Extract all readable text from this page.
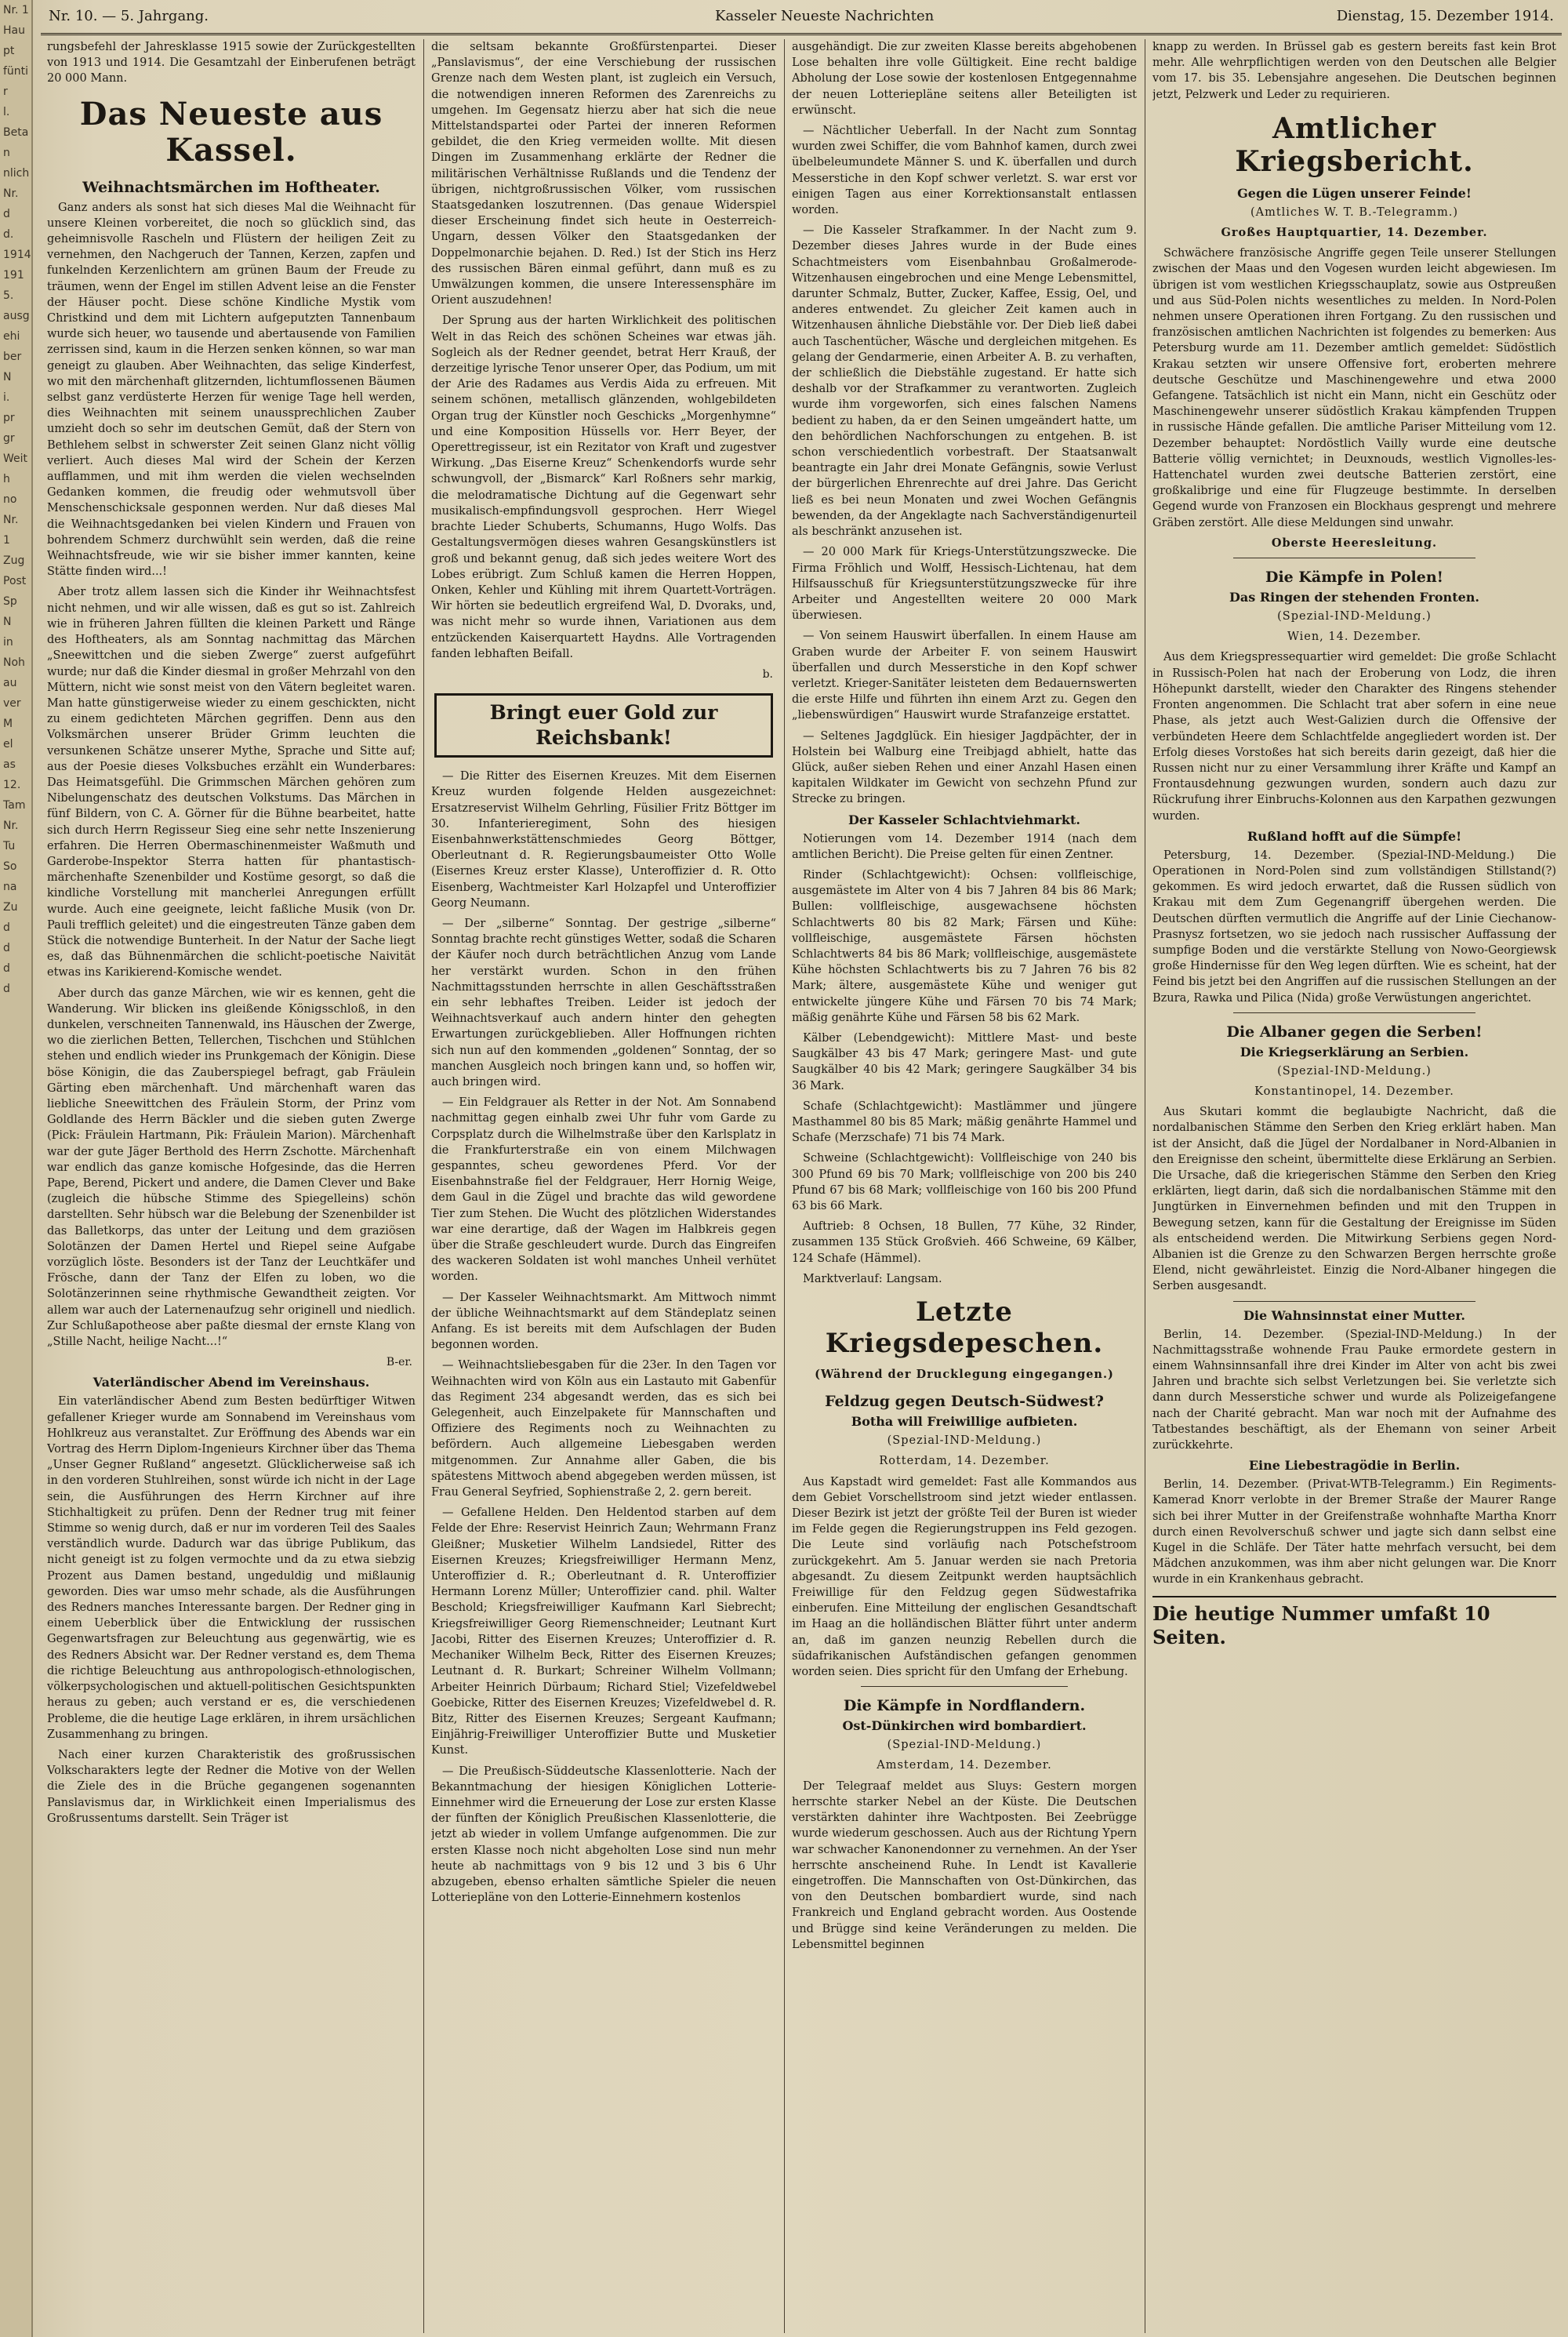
Nr. 1
Haupt
füntir
l.
Betan
nlich
Nr.
d
d.
1914
1915.
ausgehi
ber
N
i.
pr
gr
Weith
no
Nr.
1
Zug
Post
Sp
N
in
Noh
au
ver
M
el
as
12.
Tam
Nr.
Tu
So
na
Zu
d
d
d
d
Nr. 10. — 5. Jahrgang.	Kasseler Neueste Nachrichten	Dienstag, 15. Dezember 1914.

rungsbefehl der Jahresklasse 1915 sowie der Zurückgestellten von 1913 und 1914. Die Gesamtzahl der Einberufenen beträgt 20 000 Mann.

Das Neueste aus Kassel.
Weihnachtsmärchen im Hoftheater.

Ganz anders als sonst hat sich dieses Mal die Weihnacht für unsere Kleinen vorbereitet, die noch so glücklich sind, das geheimnisvolle Rascheln und Flüstern der heiligen Zeit zu vernehmen, den Nachgeruch der Tannen, Kerzen, zapfen und funkelnden Kerzenlichtern am grünen Baum der Freude zu träumen, wenn der Engel im stillen Advent leise an die Fenster der Häuser pocht. Diese schöne Kindliche Mystik vom Christkind und dem mit Lichtern aufgeputzten Tannenbaum wurde sich heuer, wo tausende und abertausende von Familien zerrissen sind, kaum in die Herzen senken können, so war man geneigt zu glauben. Aber Weihnachten, das selige Kinderfest, wo mit den märchenhaft glitzernden, lichtumflossenen Bäumen selbst ganz verdüsterte Herzen für wenige Tage hell werden, dies Weihnachten mit seinem unaussprechlichen Zauber umzieht doch so sehr im deutschen Gemüt, daß der Stern von Bethlehem selbst in schwerster Zeit seinen Glanz nicht völlig verliert. Auch dieses Mal wird der Schein der Kerzen aufflammen, und mit ihm werden die vielen wechselnden Gedanken kommen, die freudig oder wehmutsvoll über Menschenschicksale gesponnen werden. Nur daß dieses Mal die Weihnachtsgedanken bei vielen Kindern und Frauen von bohrendem Schmerz durchwühlt sein werden, daß die reine Weihnachtsfreude, wie wir sie bisher immer kannten, keine Stätte finden wird...!

Aber trotz allem lassen sich die Kinder ihr Weihnachtsfest nicht nehmen, und wir alle wissen, daß es gut so ist. Zahlreich wie in früheren Jahren füllten die kleinen Parkett und Ränge des Hoftheaters, als am Sonntag nachmittag das Märchen „Sneewittchen und die sieben Zwerge“ zuerst aufgeführt wurde; nur daß die Kinder diesmal in großer Mehrzahl von den Müttern, nicht wie sonst meist von den Vätern begleitet waren. Man hatte günstigerweise wieder zu einem geschickten, nicht zu einem gedichteten Märchen gegriffen. Denn aus den Volksmärchen unserer Brüder Grimm leuchten die versunkenen Schätze unserer Mythe, Sprache und Sitte auf; aus der Poesie dieses Volksbuches erzählt ein Wunderbares: Das Heimatsgefühl. Die Grimmschen Märchen gehören zum Nibelungenschatz des deutschen Volkstums. Das Märchen in fünf Bildern, von C. A. Görner für die Bühne bearbeitet, hatte sich durch Herrn Regisseur Sieg eine sehr nette Inszenierung erfahren. Die Herren Obermaschinenmeister Waßmuth und Garderobe-Inspektor Sterra hatten für phantastisch-märchenhafte Szenenbilder und Kostüme gesorgt, so daß die kindliche Vorstellung mit mancherlei Anregungen erfüllt wurde. Auch eine geeignete, leicht faßliche Musik (von Dr. Pauli trefflich geleitet) und die eingestreuten Tänze gaben dem Stück die notwendige Bunterheit. In der Natur der Sache liegt es, daß das Bühnenmärchen die schlicht-poetische Naivität etwas ins Karikierend-Komische wendet.

Aber durch das ganze Märchen, wie wir es kennen, geht die Wanderung. Wir blicken ins gleißende Königsschloß, in den dunkelen, verschneiten Tannenwald, ins Häuschen der Zwerge, wo die zierlichen Betten, Tellerchen, Tischchen und Stühlchen stehen und endlich wieder ins Prunkgemach der Königin. Diese böse Königin, die das Zauberspiegel befragt, gab Fräulein Gärting eben märchenhaft. Und märchenhaft waren das liebliche Sneewittchen des Fräulein Storm, der Prinz vom Goldlande des Herrn Bäckler und die sieben guten Zwerge (Pick: Fräulein Hartmann, Pik: Fräulein Marion). Märchenhaft war der gute Jäger Berthold des Herrn Zschotte. Märchenhaft war endlich das ganze komische Hofgesinde, das die Herren Pape, Berend, Pickert und andere, die Damen Clever und Bake (zugleich die hübsche Stimme des Spiegelleins) schön darstellten. Sehr hübsch war die Belebung der Szenenbilder ist das Balletkorps, das unter der Leitung und dem graziösen Solotänzen der Damen Hertel und Riepel seine Aufgabe vorzüglich löste. Besonders ist der Tanz der Leuchtkäfer und Frösche, dann der Tanz der Elfen zu loben, wo die Solotänzerinnen seine rhythmische Gewandtheit zeigten. Vor allem war auch der Laternenaufzug sehr originell und niedlich. Zur Schlußapotheose aber paßte diesmal der ernste Klang von „Stille Nacht, heilige Nacht...!“

B-er.
Vaterländischer Abend im Vereinshaus.

Ein vaterländischer Abend zum Besten bedürftiger Witwen gefallener Krieger wurde am Sonnabend im Vereinshaus vom Hohlkreuz aus veranstaltet. Zur Eröffnung des Abends war ein Vortrag des Herrn Diplom-Ingenieurs Kirchner über das Thema „Unser Gegner Rußland“ angesetzt. Glücklicherweise saß ich in den vorderen Stuhlreihen, sonst würde ich nicht in der Lage sein, die Ausführungen des Herrn Kirchner auf ihre Stichhaltigkeit zu prüfen. Denn der Redner trug mit feiner Stimme so wenig durch, daß er nur im vorderen Teil des Saales verständlich wurde. Dadurch war das übrige Publikum, das nicht geneigt ist zu folgen vermochte und da zu etwa siebzig Prozent aus Damen bestand, ungeduldig und mißlaunig geworden. Dies war umso mehr schade, als die Ausführungen des Redners manches Interessante bargen. Der Redner ging in einem Ueberblick über die Entwicklung der russischen Gegenwartsfragen zur Beleuchtung aus gegenwärtig, wie es des Redners Absicht war. Der Redner verstand es, dem Thema die richtige Beleuchtung aus anthropologisch-ethnologischen, völkerpsychologischen und aktuell-politischen Gesichtspunkten heraus zu geben; auch verstand er es, die verschiedenen Probleme, die die heutige Lage erklären, in ihrem ursächlichen Zusammenhang zu bringen.

Nach einer kurzen Charakteristik des großrussischen Volkscharakters legte der Redner die Motive von der Wellen die Ziele des in die Brüche gegangenen sogenannten Panslavismus dar, in Wirklichkeit einen Imperialismus des Großrussentums darstellt. Sein Träger ist

die seltsam bekannte Großfürstenpartei. Dieser „Panslavismus“, der eine Verschiebung der russischen Grenze nach dem Westen plant, ist zugleich ein Versuch, die notwendigen inneren Reformen des Zarenreichs zu umgehen. Im Gegensatz hierzu aber hat sich die neue Mittelstandspartei oder Partei der inneren Reformen gebildet, die den Krieg vermeiden wollte. Mit diesen Dingen im Zusammenhang erklärte der Redner die militärischen Verhältnisse Rußlands und die Tendenz der übrigen, nichtgroßrussischen Völker, vom russischen Staatsgedanken loszutrennen. (Das genaue Widerspiel dieser Erscheinung findet sich heute in Oesterreich-Ungarn, dessen Völker den Staatsgedanken der Doppelmonarchie bejahen. D. Red.) Ist der Stich ins Herz des russischen Bären einmal geführt, dann muß es zu Umwälzungen kommen, die unsere Interessensphäre im Orient auszudehnen!

Der Sprung aus der harten Wirklichkeit des politischen Welt in das Reich des schönen Scheines war etwas jäh. Sogleich als der Redner geendet, betrat Herr Krauß, der derzeitige lyrische Tenor unserer Oper, das Podium, um mit der Arie des Radames aus Verdis Aida zu erfreuen. Mit seinem schönen, metallisch glänzenden, wohlgebildeten Organ trug der Künstler noch Geschicks „Morgenhymne“ und eine Komposition Hüssells vor. Herr Beyer, der Operettregisseur, ist ein Rezitator von Kraft und zugestver Wirkung. „Das Eiserne Kreuz“ Schenkendorfs wurde sehr schwungvoll, der „Bismarck“ Karl Roßners sehr markig, die melodramatische Dichtung auf die Gegenwart sehr musikalisch-empfindungsvoll gesprochen. Herr Wiegel brachte Lieder Schuberts, Schumanns, Hugo Wolfs. Das Gestaltungsvermögen dieses wahren Gesangskünstlers ist groß und bekannt genug, daß sich jedes weitere Wort des Lobes erübrigt. Zum Schluß kamen die Herren Hoppen, Onken, Kehler und Kühling mit ihrem Quartett-Vorträgen. Wir hörten sie bedeutlich ergreifend Wal, D. Dvoraks, und, was nicht mehr so wurde ihnen, Variationen aus dem entzückenden Kaiserquartett Haydns. Alle Vortragenden fanden lebhaften Beifall.

b.
Bringt euer Gold zur Reichsbank!

— Die Ritter des Eisernen Kreuzes. Mit dem Eisernen Kreuz wurden folgende Helden ausgezeichnet: Ersatzreservist Wilhelm Gehrling, Füsilier Fritz Böttger im 30. Infanterieregiment, Sohn des hiesigen Eisenbahnwerkstättenschmiedes Georg Böttger, Oberleutnant d. R. Regierungsbaumeister Otto Wolle (Eisernes Kreuz erster Klasse), Unteroffizier d. R. Otto Eisenberg, Wachtmeister Karl Holzapfel und Unteroffizier Georg Neumann.

— Der „silberne“ Sonntag. Der gestrige „silberne“ Sonntag brachte recht günstiges Wetter, sodaß die Scharen der Käufer noch durch beträchtlichen Anzug vom Lande her verstärkt wurden. Schon in den frühen Nachmittagsstunden herrschte in allen Geschäftsstraßen ein sehr lebhaftes Treiben. Leider ist jedoch der Weihnachtsverkauf auch andern hinter den gehegten Erwartungen zurückgeblieben. Aller Hoffnungen richten sich nun auf den kommenden „goldenen“ Sonntag, der so manchen Ausgleich noch bringen kann und, so hoffen wir, auch bringen wird.

— Ein Feldgrauer als Retter in der Not. Am Sonnabend nachmittag gegen einhalb zwei Uhr fuhr vom Garde zu Corpsplatz durch die Wilhelmstraße über den Karlsplatz in die Frankfurterstraße ein von einem Milchwagen gespanntes, scheu gewordenes Pferd. Vor der Eisenbahnstraße fiel der Feldgrauer, Herr Hornig Weige, dem Gaul in die Zügel und brachte das wild gewordene Tier zum Stehen. Die Wucht des plötzlichen Widerstandes war eine derartige, daß der Wagen im Halbkreis gegen über die Straße geschleudert wurde. Durch das Eingreifen des wackeren Soldaten ist wohl manches Unheil verhütet worden.

— Der Kasseler Weihnachtsmarkt. Am Mittwoch nimmt der übliche Weihnachtsmarkt auf dem Ständeplatz seinen Anfang. Es ist bereits mit dem Aufschlagen der Buden begonnen worden.

— Weihnachtsliebesgaben für die 23er. In den Tagen vor Weihnachten wird von Köln aus ein Lastauto mit Gabenfür das Regiment 234 abgesandt werden, das es sich bei Gelegenheit, auch Einzelpakete für Mannschaften und Offiziere des Regiments noch zu Weihnachten zu befördern. Auch allgemeine Liebesgaben werden mitgenommen. Zur Annahme aller Gaben, die bis spätestens Mittwoch abend abgegeben werden müssen, ist Frau General Seyfried, Sophienstraße 2, 2. gern bereit.

— Gefallene Helden. Den Heldentod starben auf dem Felde der Ehre: Reservist Heinrich Zaun; Wehrmann Franz Gleißner; Musketier Wilhelm Landsiedel, Ritter des Eisernen Kreuzes; Kriegsfreiwilliger Hermann Menz, Unteroffizier d. R.; Oberleutnant d. R. Unteroffizier Hermann Lorenz Müller; Unteroffizier cand. phil. Walter Beschold; Kriegsfreiwilliger Kaufmann Karl Siebrecht; Kriegsfreiwilliger Georg Riemenschneider; Leutnant Kurt Jacobi, Ritter des Eisernen Kreuzes; Unteroffizier d. R. Mechaniker Wilhelm Beck, Ritter des Eisernen Kreuzes; Leutnant d. R. Burkart; Schreiner Wilhelm Vollmann; Arbeiter Heinrich Dürbaum; Richard Stiel; Vizefeldwebel Goebicke, Ritter des Eisernen Kreuzes; Vizefeldwebel d. R. Bitz, Ritter des Eisernen Kreuzes; Sergeant Kaufmann; Einjährig-Freiwilliger Unteroffizier Butte und Musketier Kunst.

— Die Preußisch-Süddeutsche Klassenlotterie. Nach der Bekanntmachung der hiesigen Königlichen Lotterie-Einnehmer wird die Erneuerung der Lose zur ersten Klasse der fünften der Königlich Preußischen Klassenlotterie, die jetzt ab wieder in vollem Umfange aufgenommen. Die zur ersten Klasse noch nicht abgeholten Lose sind nun mehr heute ab nachmittags von 9 bis 12 und 3 bis 6 Uhr abzugeben, ebenso erhalten sämtliche Spieler die neuen Lotteriepläne von den Lotterie-Einnehmern kostenlos

ausgehändigt. Die zur zweiten Klasse bereits abgehobenen Lose behalten ihre volle Gültigkeit. Eine recht baldige Abholung der Lose sowie der kostenlosen Entgegennahme der neuen Lotteriepläne seitens aller Beteiligten ist erwünscht.

— Nächtlicher Ueberfall. In der Nacht zum Sonntag wurden zwei Schiffer, die vom Bahnhof kamen, durch zwei übelbeleumundete Männer S. und K. überfallen und durch Messerstiche in den Kopf schwer verletzt. S. war erst vor einigen Tagen aus einer Korrektionsanstalt entlassen worden.

— Die Kasseler Strafkammer. In der Nacht zum 9. Dezember dieses Jahres wurde in der Bude eines Schachtmeisters vom Eisenbahnbau Großalmerode-Witzenhausen eingebrochen und eine Menge Lebensmittel, darunter Schmalz, Butter, Zucker, Kaffee, Essig, Oel, und anderes entwendet. Zu gleicher Zeit kamen auch in Witzenhausen ähnliche Diebstähle vor. Der Dieb ließ dabei auch Taschentücher, Wäsche und dergleichen mitgehen. Es gelang der Gendarmerie, einen Arbeiter A. B. zu verhaften, der schließlich die Diebstähle zugestand. Er hatte sich deshalb vor der Strafkammer zu verantworten. Zugleich wurde ihm vorgeworfen, sich eines falschen Namens bedient zu haben, da er den Seinen umgeändert hatte, um den behördlichen Nachforschungen zu entgehen. B. ist schon verschiedentlich vorbestraft. Der Staatsanwalt beantragte ein Jahr drei Monate Gefängnis, sowie Verlust der bürgerlichen Ehrenrechte auf drei Jahre. Das Gericht ließ es bei neun Monaten und zwei Wochen Gefängnis bewenden, da der Angeklagte nach Sachverständigenurteil als beschränkt anzusehen ist.

— 20 000 Mark für Kriegs-Unterstützungszwecke. Die Firma Fröhlich und Wolff, Hessisch-Lichtenau, hat dem Hilfsausschuß für Kriegsunterstützungszwecke für ihre Arbeiter und Angestellten weitere 20 000 Mark überwiesen.

— Von seinem Hauswirt überfallen. In einem Hause am Graben wurde der Arbeiter F. von seinem Hauswirt überfallen und durch Messerstiche in den Kopf schwer verletzt. Krieger-Sanitäter leisteten dem Bedauernswerten die erste Hilfe und führten ihn einem Arzt zu. Gegen den „liebenswürdigen“ Hauswirt wurde Strafanzeige erstattet.

— Seltenes Jagdglück. Ein hiesiger Jagdpächter, der in Holstein bei Walburg eine Treibjagd abhielt, hatte das Glück, außer sieben Rehen und einer Anzahl Hasen einen kapitalen Wildkater im Gewicht von sechzehn Pfund zur Strecke zu bringen.

Der Kasseler Schlachtviehmarkt.

Notierungen vom 14. Dezember 1914 (nach dem amtlichen Bericht). Die Preise gelten für einen Zentner.

Rinder (Schlachtgewicht): Ochsen: vollfleischige, ausgemästete im Alter von 4 bis 7 Jahren 84 bis 86 Mark; Bullen: vollfleischige, ausgewachsene höchsten Schlachtwerts 80 bis 82 Mark; Färsen und Kühe: vollfleischige, ausgemästete Färsen höchsten Schlachtwerts 84 bis 86 Mark; vollfleischige, ausgemästete Kühe höchsten Schlachtwerts bis zu 7 Jahren 76 bis 82 Mark; ältere, ausgemästete Kühe und weniger gut entwickelte jüngere Kühe und Färsen 70 bis 74 Mark; mäßig genährte Kühe und Färsen 58 bis 62 Mark.

Kälber (Lebendgewicht): Mittlere Mast- und beste Saugkälber 43 bis 47 Mark; geringere Mast- und gute Saugkälber 40 bis 42 Mark; geringere Saugkälber 34 bis 36 Mark.

Schafe (Schlachtgewicht): Mastlämmer und jüngere Masthammel 80 bis 85 Mark; mäßig genährte Hammel und Schafe (Merzschafe) 71 bis 74 Mark.

Schweine (Schlachtgewicht): Vollfleischige von 240 bis 300 Pfund 69 bis 70 Mark; vollfleischige von 200 bis 240 Pfund 67 bis 68 Mark; vollfleischige von 160 bis 200 Pfund 63 bis 66 Mark.

Auftrieb: 8 Ochsen, 18 Bullen, 77 Kühe, 32 Rinder, zusammen 135 Stück Großvieh. 466 Schweine, 69 Kälber, 124 Schafe (Hämmel).

Marktverlauf: Langsam.

Letzte Kriegsdepeschen.
(Während der Drucklegung eingegangen.)
Feldzug gegen Deutsch-Südwest?
Botha will Freiwillige aufbieten.
(Spezial-IND-Meldung.)
Rotterdam, 14. Dezember.

Aus Kapstadt wird gemeldet: Fast alle Kommandos aus dem Gebiet Vorschellstroom sind jetzt wieder entlassen. Dieser Bezirk ist jetzt der größte Teil der Buren ist wieder im Felde gegen die Regierungstruppen ins Feld gezogen. Die Leute sind vorläufig nach Potschefstroom zurückgekehrt. Am 5. Januar werden sie nach Pretoria abgesandt. Zu diesem Zeitpunkt werden hauptsächlich Freiwillige für den Feldzug gegen Südwestafrika einberufen. Eine Mitteilung der englischen Gesandtschaft im Haag an die holländischen Blätter führt unter anderm an, daß im ganzen neunzig Rebellen durch die südafrikanischen Aufständischen gefangen genommen worden seien. Dies spricht für den Umfang der Erhebung.

Die Kämpfe in Nordflandern.
Ost-Dünkirchen wird bombardiert.
(Spezial-IND-Meldung.)
Amsterdam, 14. Dezember.

Der Telegraaf meldet aus Sluys: Gestern morgen herrschte starker Nebel an der Küste. Die Deutschen verstärkten dahinter ihre Wachtposten. Bei Zeebrügge wurde wiederum geschossen. Auch aus der Richtung Ypern war schwacher Kanonendonner zu vernehmen. An der Yser herrschte anscheinend Ruhe. In Lendt ist Kavallerie eingetroffen. Die Mannschaften von Ost-Dünkirchen, das von den Deutschen bombardiert wurde, sind nach Frankreich und England gebracht worden. Aus Oostende und Brügge sind keine Veränderungen zu melden. Die Lebensmittel beginnen

knapp zu werden. In Brüssel gab es gestern bereits fast kein Brot mehr. Alle wehrpflichtigen werden von den Deutschen alle Belgier vom 17. bis 35. Lebensjahre angesehen. Die Deutschen beginnen jetzt, Pelzwerk und Leder zu requirieren.

Amtlicher Kriegsbericht.
Gegen die Lügen unserer Feinde!
(Amtliches W. T. B.-Telegramm.)
Großes Hauptquartier, 14. Dezember.

Schwächere französische Angriffe gegen Teile unserer Stellungen zwischen der Maas und den Vogesen wurden leicht abgewiesen. Im übrigen ist vom westlichen Kriegsschauplatz, sowie aus Ostpreußen und aus Süd-Polen nichts wesentliches zu melden. In Nord-Polen nehmen unsere Operationen ihren Fortgang. Zu den russischen und französischen amtlichen Nachrichten ist folgendes zu bemerken: Aus Petersburg wurde am 11. Dezember amtlich gemeldet: Südöstlich Krakau setzten wir unsere Offensive fort, eroberten mehrere deutsche Geschütze und Maschinengewehre und etwa 2000 Gefangene. Tatsächlich ist nicht ein Mann, nicht ein Geschütz oder Maschinengewehr unserer südöstlich Krakau kämpfenden Truppen in russische Hände gefallen. Die amtliche Pariser Mitteilung vom 12. Dezember behauptet: Nordöstlich Vailly wurde eine deutsche Batterie völlig vernichtet; in Deuxnouds, westlich Vignolles-les-Hattenchatel wurden zwei deutsche Batterien zerstört, eine großkalibrige und eine für Flugzeuge bestimmte. In derselben Gegend wurde von Franzosen ein Blockhaus gesprengt und mehrere Gräben zerstört. Alle diese Meldungen sind unwahr.

Oberste Heeresleitung.
Die Kämpfe in Polen!
Das Ringen der stehenden Fronten.
(Spezial-IND-Meldung.)
Wien, 14. Dezember.

Aus dem Kriegspressequartier wird gemeldet: Die große Schlacht in Russisch-Polen hat nach der Eroberung von Lodz, die ihren Höhepunkt darstellt, wieder den Charakter des Ringens stehender Fronten angenommen. Die Schlacht trat aber sofern in eine neue Phase, als jetzt auch West-Galizien durch die Offensive der verbündeten Heere dem Schlachtfelde angegliedert worden ist. Der Erfolg dieses Vorstoßes hat sich bereits darin gezeigt, daß hier die Russen nicht nur zu einer Versammlung ihrer Kräfte und Kampf an Frontausdehnung gezwungen wurden, sondern auch dazu zur Rückrufung ihrer Einbruchs-Kolonnen aus den Karpathen gezwungen wurden.

Rußland hofft auf die Sümpfe!

Petersburg, 14. Dezember. (Spezial-IND-Meldung.) Die Operationen in Nord-Polen sind zum vollständigen Stillstand(?) gekommen. Es wird jedoch erwartet, daß die Russen südlich von Krakau mit dem Zum Gegenangriff übergehen werden. Die Deutschen dürften vermutlich die Angriffe auf der Linie Ciechanow-Prasnysz fortsetzen, wo sie jedoch nach russischer Auffassung der sumpfige Boden und die verstärkte Stellung von Nowo-Georgiewsk große Hindernisse für den Weg legen dürften. Wie es scheint, hat der Feind bis jetzt bei den Angriffen auf die russischen Stellungen an der Bzura, Rawka und Pilica (Nida) große Verwüstungen angerichtet.

Die Albaner gegen die Serben!
Die Kriegserklärung an Serbien.
(Spezial-IND-Meldung.)
Konstantinopel, 14. Dezember.

Aus Skutari kommt die beglaubigte Nachricht, daß die nordalbanischen Stämme den Serben den Krieg erklärt haben. Man ist der Ansicht, daß die Jügel der Nordalbaner in Nord-Albanien in den Ereignisse den scheint, übermittelte diese Erklärung an Serbien. Die Ursache, daß die kriegerischen Stämme den Serben den Krieg erklärten, liegt darin, daß sich die nordalbanischen Stämme mit den Jungtürken in Einvernehmen befinden und mit den Truppen in Bewegung setzen, kann für die Gestaltung der Ereignisse im Süden als entscheidend werden. Die Mitwirkung Serbiens gegen Nord-Albanien ist die Grenze zu den Schwarzen Bergen herrschte große Elend, nicht gewährleistet. Einzig die Nord-Albaner hingegen die Serben ausgesandt.

Die Wahnsinnstat einer Mutter.

Berlin, 14. Dezember. (Spezial-IND-Meldung.) In der Nachmittagsstraße wohnende Frau Pauke ermordete gestern in einem Wahnsinnsanfall ihre drei Kinder im Alter von acht bis zwei Jahren und brachte sich selbst Verletzungen bei. Sie verletzte sich dann durch Messerstiche schwer und wurde als Polizeigefangene nach der Charité gebracht. Man war noch mit der Aufnahme des Tatbestandes beschäftigt, als der Ehemann von seiner Arbeit zurückkehrte.

Eine Liebestragödie in Berlin.

Berlin, 14. Dezember. (Privat-WTB-Telegramm.) Ein Regiments-Kamerad Knorr verlobte in der Bremer Straße der Maurer Range sich bei ihrer Mutter in der Greifenstraße wohnhafte Martha Knorr durch einen Revolverschuß schwer und jagte sich dann selbst eine Kugel in die Schläfe. Der Täter hatte mehrfach versucht, bei dem Mädchen anzukommen, was ihm aber nicht gelungen war. Die Knorr wurde in ein Krankenhaus gebracht.

Die heutige Nummer umfaßt 10 Seiten.
